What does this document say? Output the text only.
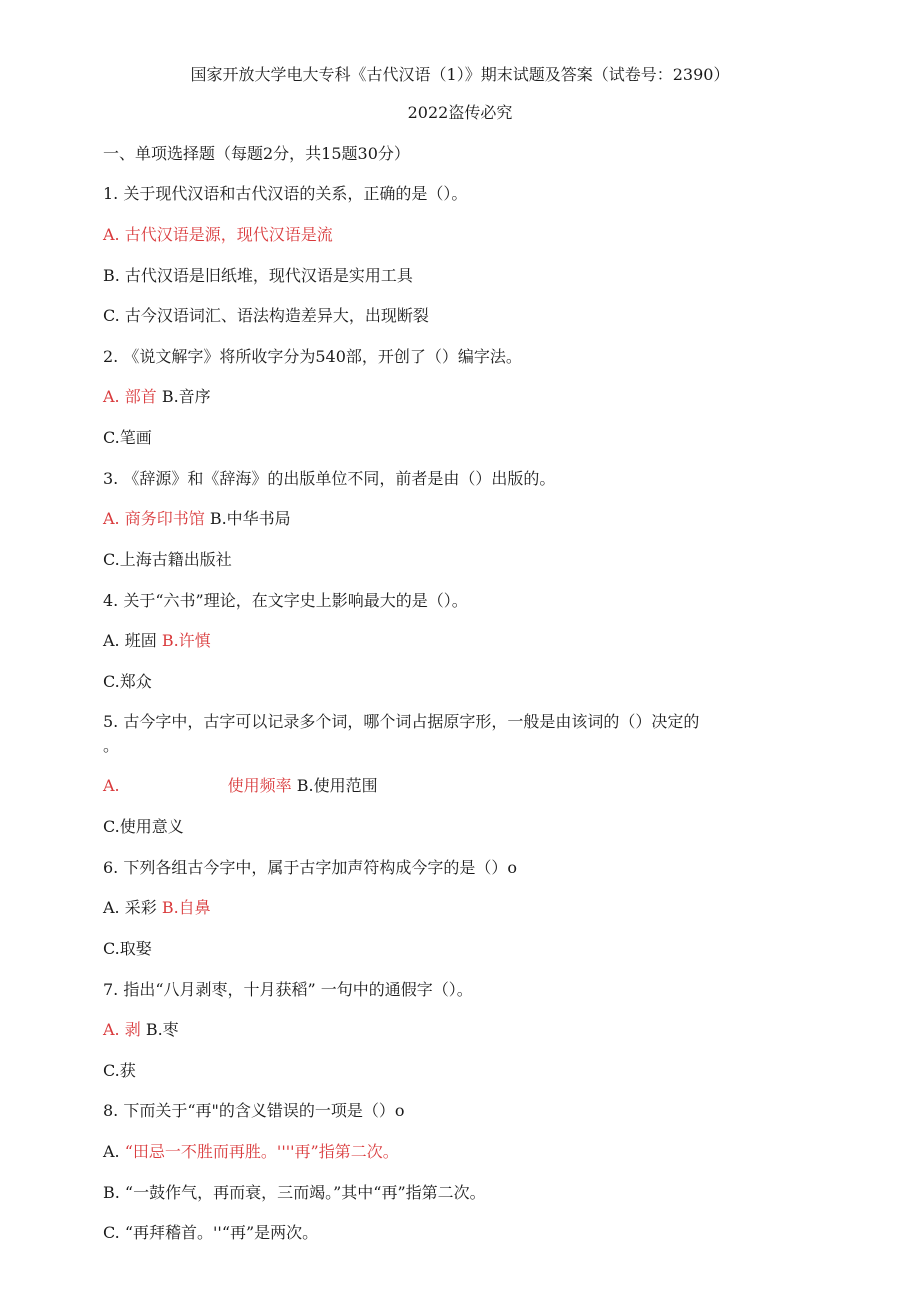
国家开放大学电大专科《古代汉语（1）》期末试题及答案（试卷号：2390）
2022盗传必究
一、单项选择题（每题2分，共15题30分）
1. 关于现代汉语和古代汉语的关系，正确的是（）。
A. 古代汉语是源，现代汉语是流
B. 古代汉语是旧纸堆，现代汉语是实用工具
C. 古今汉语词汇、语法构造差异大，出现断裂
2. 《说文解字》将所收字分为540部，开创了（）编字法。
A. 部首 B.音序
C.笔画
3. 《辞源》和《辞海》的出版单位不同，前者是由（）出版的。
A. 商务印书馆 B.中华书局
C.上海古籍出版社
4. 关于“六书”理论，在文字史上影响最大的是（）。
A. 班固 B.许慎
C.郑众
5. 古今字中，古字可以记录多个词，哪个词占据原字形，一般是由该词的（）决定的
。
A.	使用频率 B.使用范围
C.使用意义
6. 下列各组古今字中，属于古字加声符构成今字的是（）o
A. 采彩 B.自鼻
C.取娶
7. 指出“八月剥枣，十月获稻” 一句中的通假字（）。
A. 剥 B.枣
C.获
8. 下而关于“再"的含义错误的一项是（）o
A. “田忌一不胜而再胜。''''再”指第二次。
B. “一鼓作气，再而衰，三而竭。”其中“再”指第二次。
C. “再拜稽首。''“再”是两次。
